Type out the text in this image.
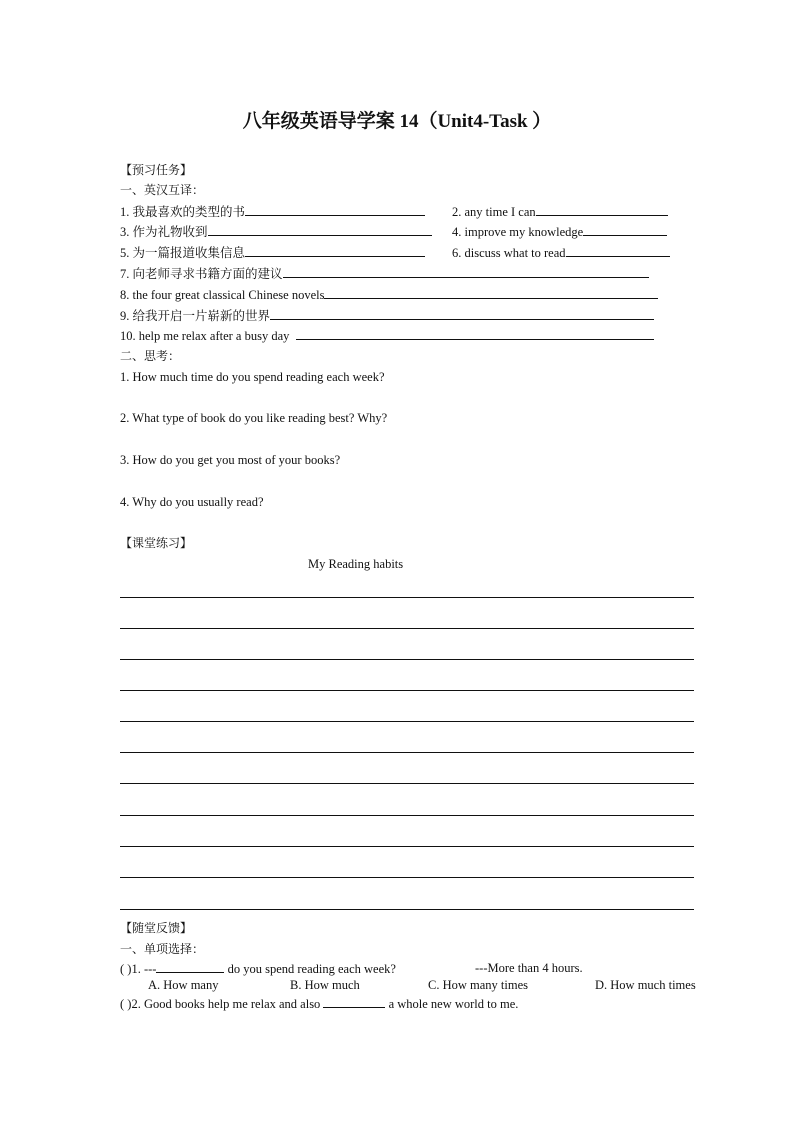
八年级英语导学案 14（Unit4-Task ）
【预习任务】
一、英汉互译：
1. 我最喜欢的类型的书	2. any time I can
3. 作为礼物收到	4. improve my knowledge
5. 为一篇报道收集信息	6. discuss what to read
7. 向老师寻求书籍方面的建议
8. the four great classical Chinese novels
9. 给我开启一片崭新的世界
10. help me relax after a busy day
二、思考：
1. How much time do you spend reading each week?
2. What type of book do you like reading best? Why?
3. How do you get you most of your books?
4. Why do you usually read?
【课堂练习】
My Reading habits
【随堂反馈】
一、单项选择：
( )1. ---	do you spend reading each week?	---More than 4 hours.
A. How many	B. How much	C. How many times	D. How much times
( )2. Good books help me relax and also	a whole new world to me.
